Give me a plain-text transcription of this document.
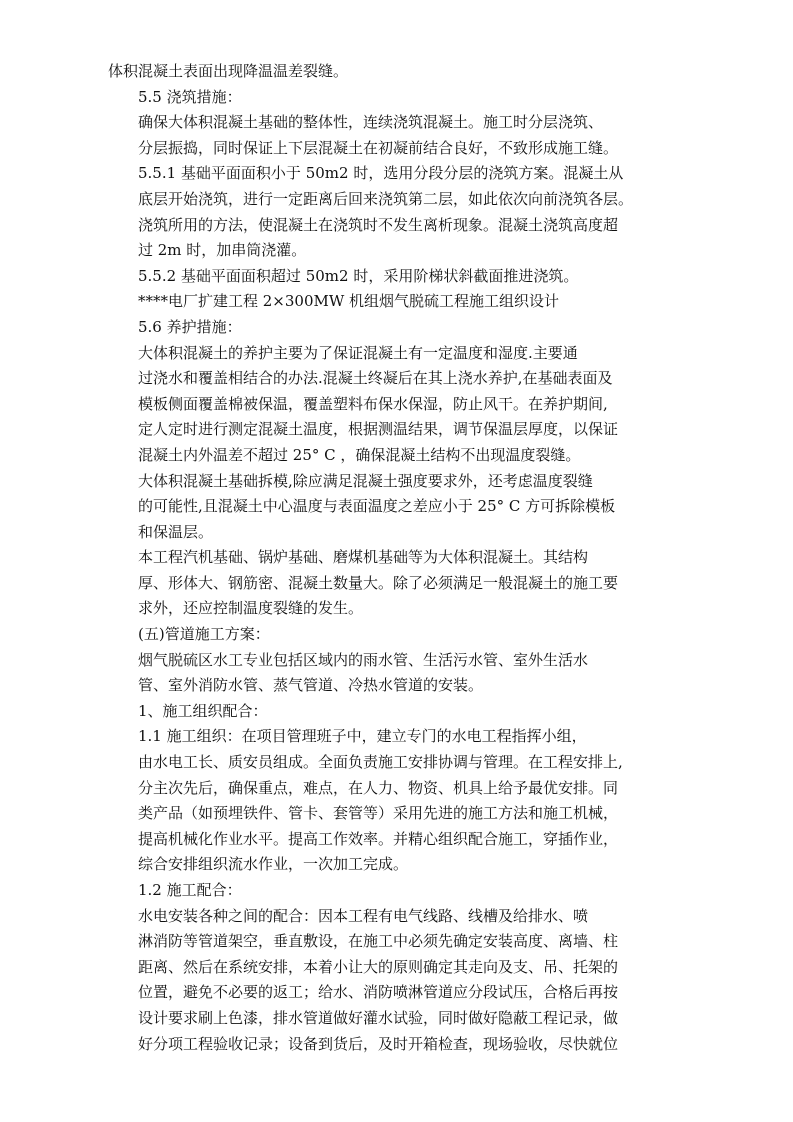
体积混凝土表面出现降温温差裂缝。
5.5 浇筑措施：
确保大体积混凝土基础的整体性，连续浇筑混凝土。施工时分层浇筑、
分层振捣，同时保证上下层混凝土在初凝前结合良好，不致形成施工缝。
5.5.1 基础平面面积小于 50m2 时，选用分段分层的浇筑方案。混凝土从
底层开始浇筑，进行一定距离后回来浇筑第二层，如此依次向前浇筑各层。
浇筑所用的方法，使混凝土在浇筑时不发生离析现象。混凝土浇筑高度超
过 2m 时，加串筒浇灌。
5.5.2 基础平面面积超过 50m2 时，采用阶梯状斜截面推进浇筑。
****电厂扩建工程 2×300MW 机组烟气脱硫工程施工组织设计
5.6 养护措施：
大体积混凝土的养护主要为了保证混凝土有一定温度和湿度.主要通
过浇水和覆盖相结合的办法.混凝土终凝后在其上浇水养护,在基础表面及
模板侧面覆盖棉被保温，覆盖塑料布保水保湿，防止风干。在养护期间,
定人定时进行测定混凝土温度，根据测温结果，调节保温层厚度，以保证
混凝土内外温差不超过 25° C ，确保混凝土结构不出现温度裂缝。
大体积混凝土基础拆模,除应满足混凝土强度要求外，还考虑温度裂缝
的可能性,且混凝土中心温度与表面温度之差应小于 25° C 方可拆除模板
和保温层。
本工程汽机基础、锅炉基础、磨煤机基础等为大体积混凝土。其结构
厚、形体大、钢筋密、混凝土数量大。除了必须满足一般混凝土的施工要
求外，还应控制温度裂缝的发生。
(五)管道施工方案：
烟气脱硫区水工专业包括区域内的雨水管、生活污水管、室外生活水
管、室外消防水管、蒸气管道、冷热水管道的安装。
1、施工组织配合：
1.1 施工组织：在项目管理班子中，建立专门的水电工程指挥小组，
由水电工长、质安员组成。全面负责施工安排协调与管理。在工程安排上,
分主次先后，确保重点，难点，在人力、物资、机具上给予最优安排。同
类产品（如预埋铁件、管卡、套管等）采用先进的施工方法和施工机械，
提高机械化作业水平。提高工作效率。并精心组织配合施工，穿插作业，
综合安排组织流水作业，一次加工完成。
1.2 施工配合：
水电安装各种之间的配合：因本工程有电气线路、线槽及给排水、喷
淋消防等管道架空，垂直敷设，在施工中必须先确定安装高度、离墙、柱
距离、然后在系统安排，本着小让大的原则确定其走向及支、吊、托架的
位置，避免不必要的返工；给水、消防喷淋管道应分段试压，合格后再按
设计要求刷上色漆，排水管道做好灌水试验，同时做好隐蔽工程记录，做
好分项工程验收记录；设备到货后，及时开箱检查，现场验收，尽快就位
